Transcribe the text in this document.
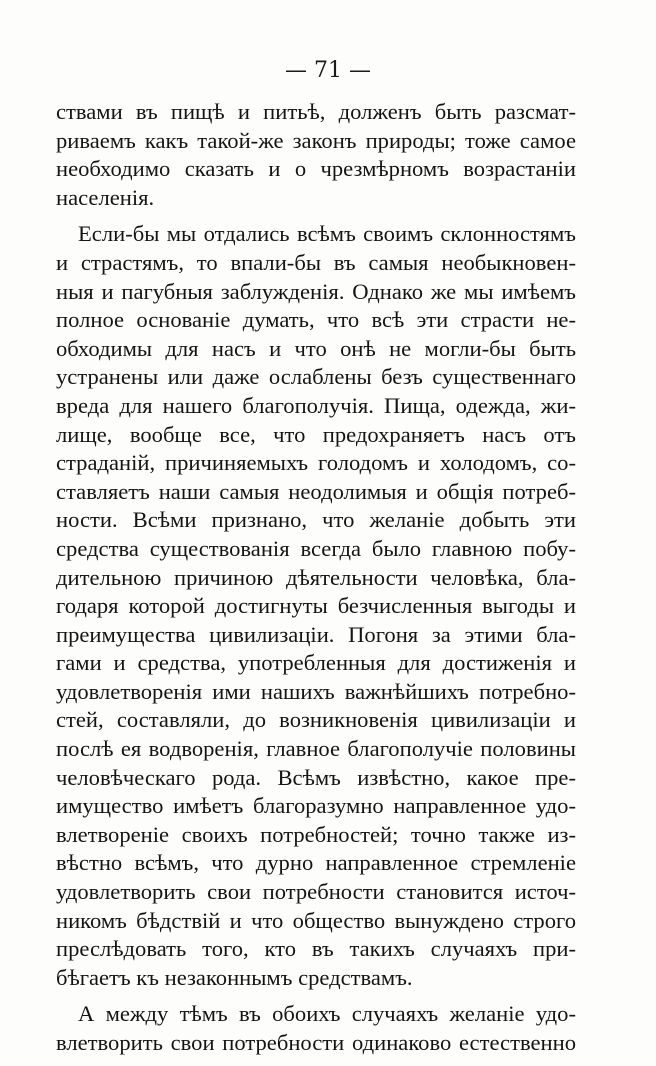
— 71 —
ствами въ пищѣ и питьѣ, долженъ быть разсмат-
риваемъ какъ такой-же законъ природы; тоже самое
необходимо сказать и о чрезмѣрномъ возрастаніи
населенія.
Если-бы мы отдались всѣмъ своимъ склонностямъ
и страстямъ, то впали-бы въ самыя необыкновен-
ныя и пагубныя заблужденія. Однако же мы имѣемъ
полное основаніе думать, что всѣ эти страсти не-
обходимы для насъ и что онѣ не могли-бы быть
устранены или даже ослаблены безъ существеннаго
вреда для нашего благополучія. Пища, одежда, жи-
лище, вообще все, что предохраняетъ насъ отъ
страданій, причиняемыхъ голодомъ и холодомъ, со-
ставляетъ наши самыя неодолимыя и общія потреб-
ности. Всѣми признано, что желаніе добыть эти
средства существованія всегда было главною побу-
дительною причиною дѣятельности человѣка, бла-
годаря которой достигнуты безчисленныя выгоды и
преимущества цивилизаціи. Погоня за этими бла-
гами и средства, употребленныя для достиженія и
удовлетворенія ими нашихъ важнѣйшихъ потребно-
стей, составляли, до возникновенія цивилизаціи и
послѣ ея водворенія, главное благополучіе половины
человѣческаго рода. Всѣмъ извѣстно, какое пре-
имущество имѣетъ благоразумно направленное удо-
влетвореніе своихъ потребностей; точно также из-
вѣстно всѣмъ, что дурно направленное стремленіе
удовлетворить свои потребности становится источ-
никомъ бѣдствій и что общество вынуждено строго
преслѣдовать того, кто въ такихъ случаяхъ при-
бѣгаетъ къ незаконнымъ средствамъ.
А между тѣмъ въ обоихъ случаяхъ желаніе удо-
влетворить свои потребности одинаково естественно
